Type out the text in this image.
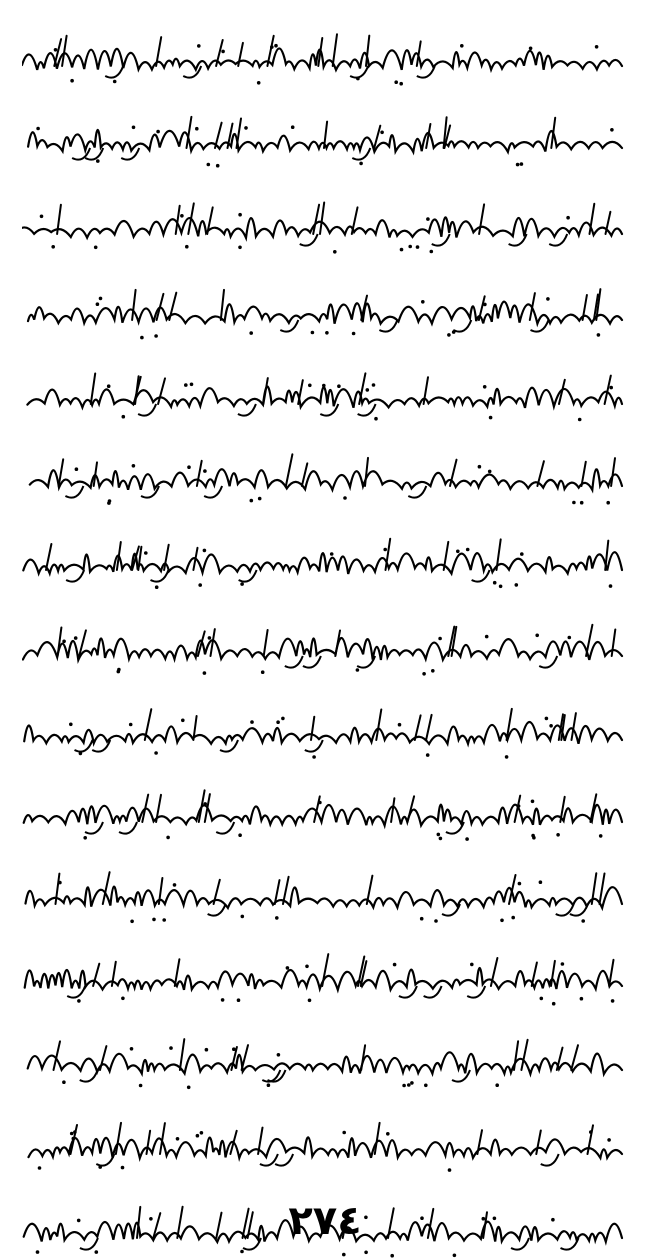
٢٧٤
